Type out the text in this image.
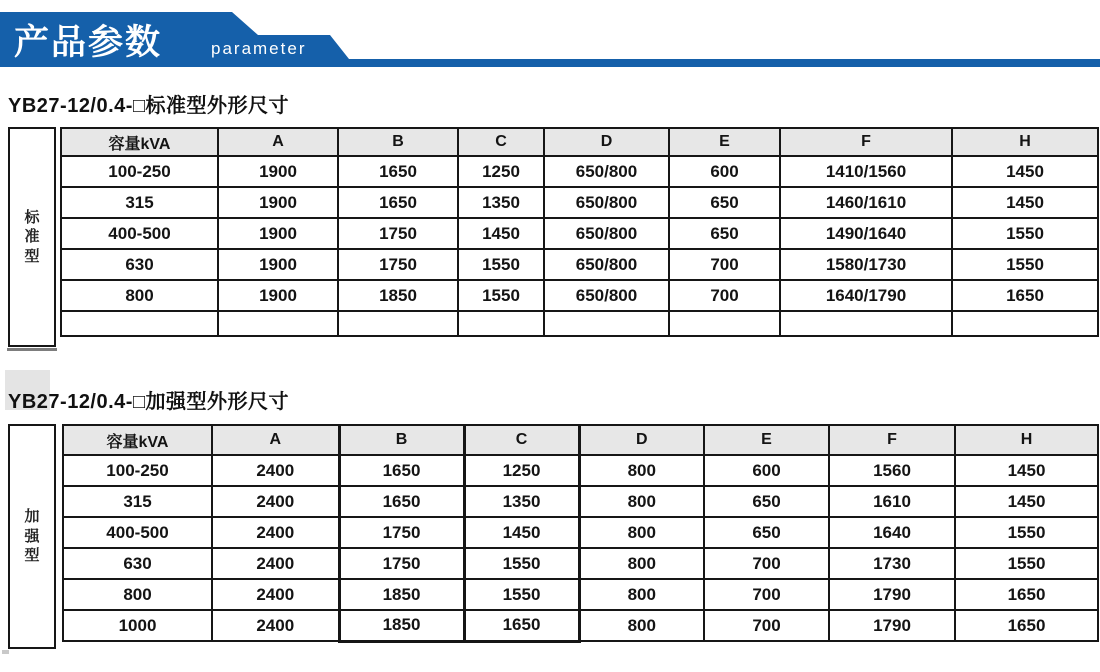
产品参数	parameter
YB27-12/0.4-□标准型外形尺寸
标准型
容量kVA	A	B	C	D	E	F	H
100-250	1900	1650	1250	650/800	600	1410/1560	1450
315	1900	1650	1350	650/800	650	1460/1610	1450
400-500	1900	1750	1450	650/800	650	1490/1640	1550
630	1900	1750	1550	650/800	700	1580/1730	1550
800	1900	1850	1550	650/800	700	1640/1790	1650

YB27-12/0.4-□加强型外形尺寸
加强型
容量kVA	A	B	C	D	E	F	H
100-250	2400	1650	1250	800	600	1560	1450
315	2400	1650	1350	800	650	1610	1450
400-500	2400	1750	1450	800	650	1640	1550
630	2400	1750	1550	800	700	1730	1550
800	2400	1850	1550	800	700	1790	1650
1000	2400	1850	1650	800	700	1790	1650
